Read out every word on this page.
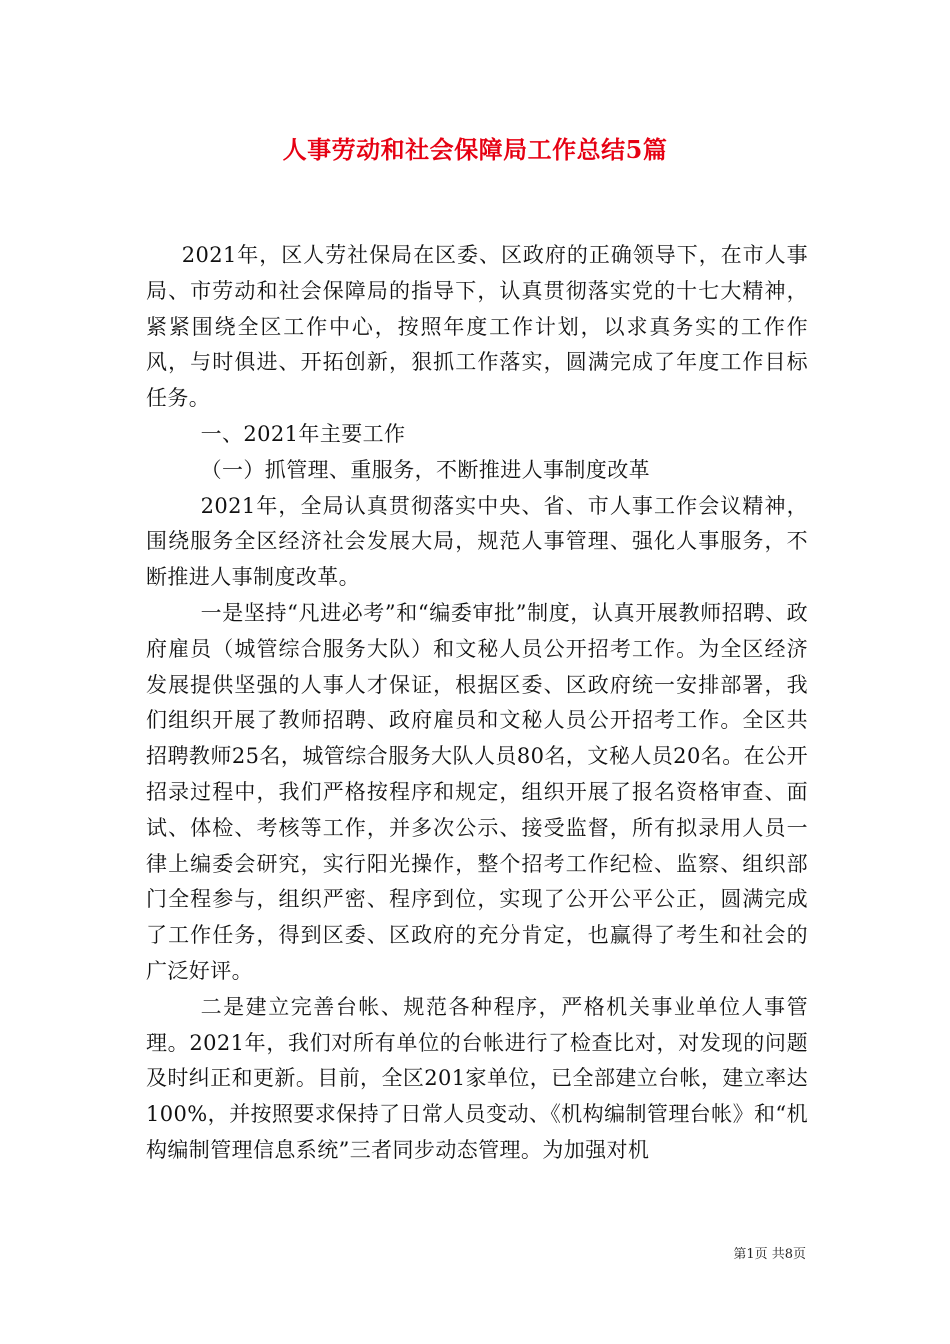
人事劳动和社会保障局工作总结5篇

2021年，区人劳社保局在区委、区政府的正确领导下，在市人事局、市劳动和社会保障局的指导下，认真贯彻落实党的十七大精神，紧紧围绕全区工作中心，按照年度工作计划，以求真务实的工作作风，与时俱进、开拓创新，狠抓工作落实，圆满完成了年度工作目标任务。

一、2021年主要工作

（一）抓管理、重服务，不断推进人事制度改革

2021年，全局认真贯彻落实中央、省、市人事工作会议精神，围绕服务全区经济社会发展大局，规范人事管理、强化人事服务，不断推进人事制度改革。

一是坚持“凡进必考”和“编委审批”制度，认真开展教师招聘、政府雇员（城管综合服务大队）和文秘人员公开招考工作。为全区经济发展提供坚强的人事人才保证，根据区委、区政府统一安排部署，我们组织开展了教师招聘、政府雇员和文秘人员公开招考工作。全区共招聘教师25名，城管综合服务大队人员80名，文秘人员20名。在公开招录过程中，我们严格按程序和规定，组织开展了报名资格审查、面试、体检、考核等工作，并多次公示、接受监督，所有拟录用人员一律上编委会研究，实行阳光操作，整个招考工作纪检、监察、组织部门全程参与，组织严密、程序到位，实现了公开公平公正，圆满完成了工作任务，得到区委、区政府的充分肯定，也赢得了考生和社会的广泛好评。

二是建立完善台帐、规范各种程序，严格机关事业单位人事管理。2021年，我们对所有单位的台帐进行了检查比对，对发现的问题及时纠正和更新。目前，全区201家单位，已全部建立台帐，建立率达100%，并按照要求保持了日常人员变动、《机构编制管理台帐》和“机构编制管理信息系统”三者同步动态管理。为加强对机

第1页 共8页
